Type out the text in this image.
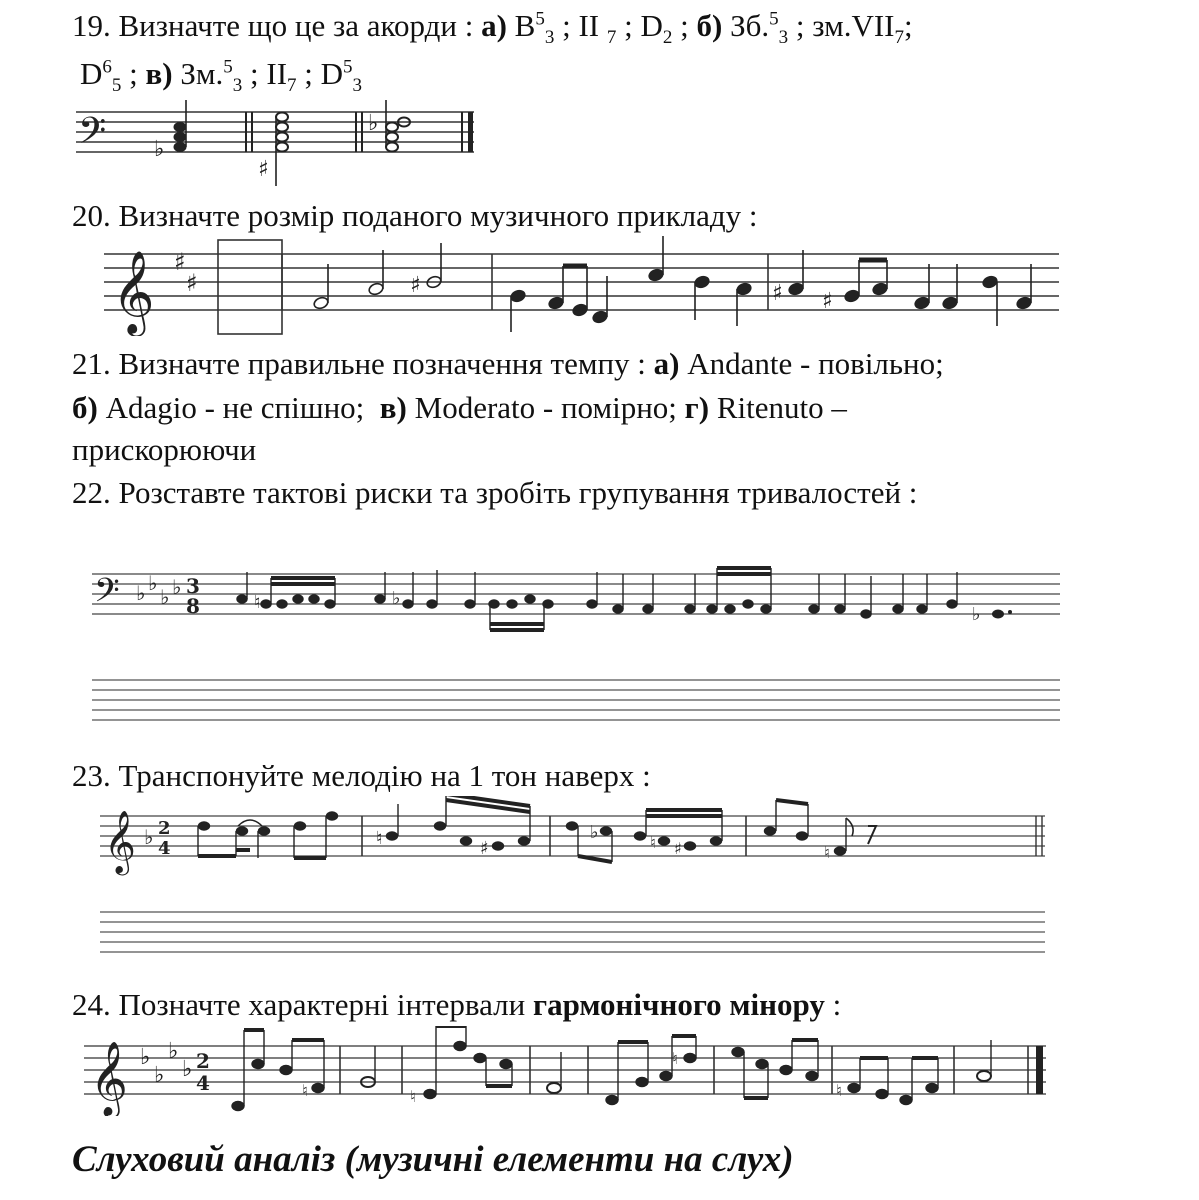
19. Визначте що це за акорди : а) $B^5_3$ ; II $_7$ ; $D_2$ ; б) Зб.$^5_3$ ; $зм.VII_7$;
$D^6_5$ ; в) Зм.$^5_3$ ; $II_7$ ; $D^5_3$
𝄢 ♭
♯
♭
20. Визначте розмір поданого музичного прикладу :
𝄞 ♯
♯	♯	♯ ♯
21. Визначте правильне позначення темпу : а) Andante - повільно;
б) Adagio - не спішно; в) Moderato - помірно; г) Ritenuto –
прискорюючи
22. Розставте тактові риски та зробіть групування тривалостей :
𝄢 ♭ ♭
♭ ♭ 3
8	♭
♮	♭
23. Транспонуйте мелодію на 1 тон наверх :
𝄞 ♭ 2
4	♮	♯
♭	♮ ♯	♮
24. Позначте характерні інтервали гармонічного мінору :
𝄞 ♭
♭
♭
♭ 2
4	♮	♮
♮
♮
Слуховий аналіз (музичні елементи на слух)
